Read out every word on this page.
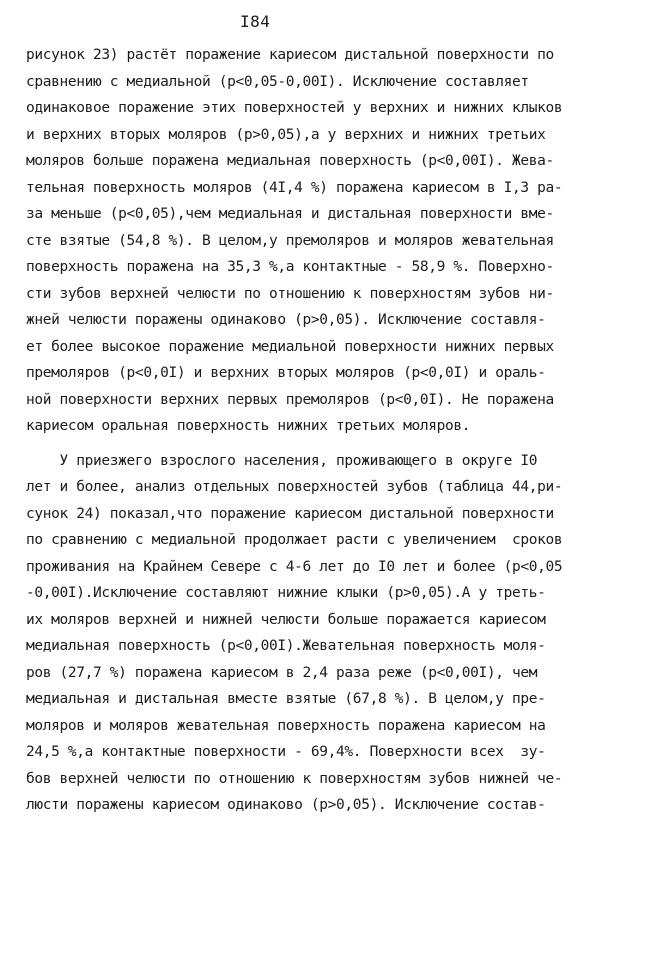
I84
рисунок 23) растёт поражение кариесом дистальной поверхности по
сравнению с медиальной (p<0,05-0,00I). Исключение составляет
одинаковое поражение этих поверхностей у верхних и нижних клыков
и верхних вторых моляров (p>0,05),а у верхних и нижних третьих
моляров больше поражена медиальная поверхность (p<0,00I). Жева-
тельная поверхность моляров (4I,4 %) поражена кариесом в I,3 ра-
за меньше (p<0,05),чем медиальная и дистальная поверхности вме-
сте взятые (54,8 %). В целом,у премоляров и моляров жевательная
поверхность поражена на 35,3 %,а контактные - 58,9 %. Поверхно-
сти зубов верхней челюсти по отношению к поверхностям зубов ни-
жней челюсти поражены одинаково (p>0,05). Исключение составля-
ет более высокое поражение медиальной поверхности нижних первых
премоляров (p<0,0I) и верхних вторых моляров (p<0,0I) и ораль-
ной поверхности верхних первых премоляров (p<0,0I). Не поражена
кариесом оральная поверхность нижних третьих моляров.
У приезжего взрослого населения, проживающего в округе I0
лет и более, анализ отдельных поверхностей зубов (таблица 44,ри-
сунок 24) показал,что поражение кариесом дистальной поверхности
по сравнению с медиальной продолжает расти с увеличением  сроков
проживания на Крайнем Севере с 4-6 лет до I0 лет и более (p<0,05
-0,00I).Исключение составляют нижние клыки (p>0,05).А у треть-
их моляров верхней и нижней челюсти больше поражается кариесом
медиальная поверхность (p<0,00I).Жевательная поверхность моля-
ров (27,7 %) поражена кариесом в 2,4 раза реже (p<0,00I), чем
медиальная и дистальная вместе взятые (67,8 %). В целом,у пре-
моляров и моляров жевательная поверхность поражена кариесом на
24,5 %,а контактные поверхности - 69,4%. Поверхности всех  зу-
бов верхней челюсти по отношению к поверхностям зубов нижней че-
люсти поражены кариесом одинаково (p>0,05). Исключение состав-
